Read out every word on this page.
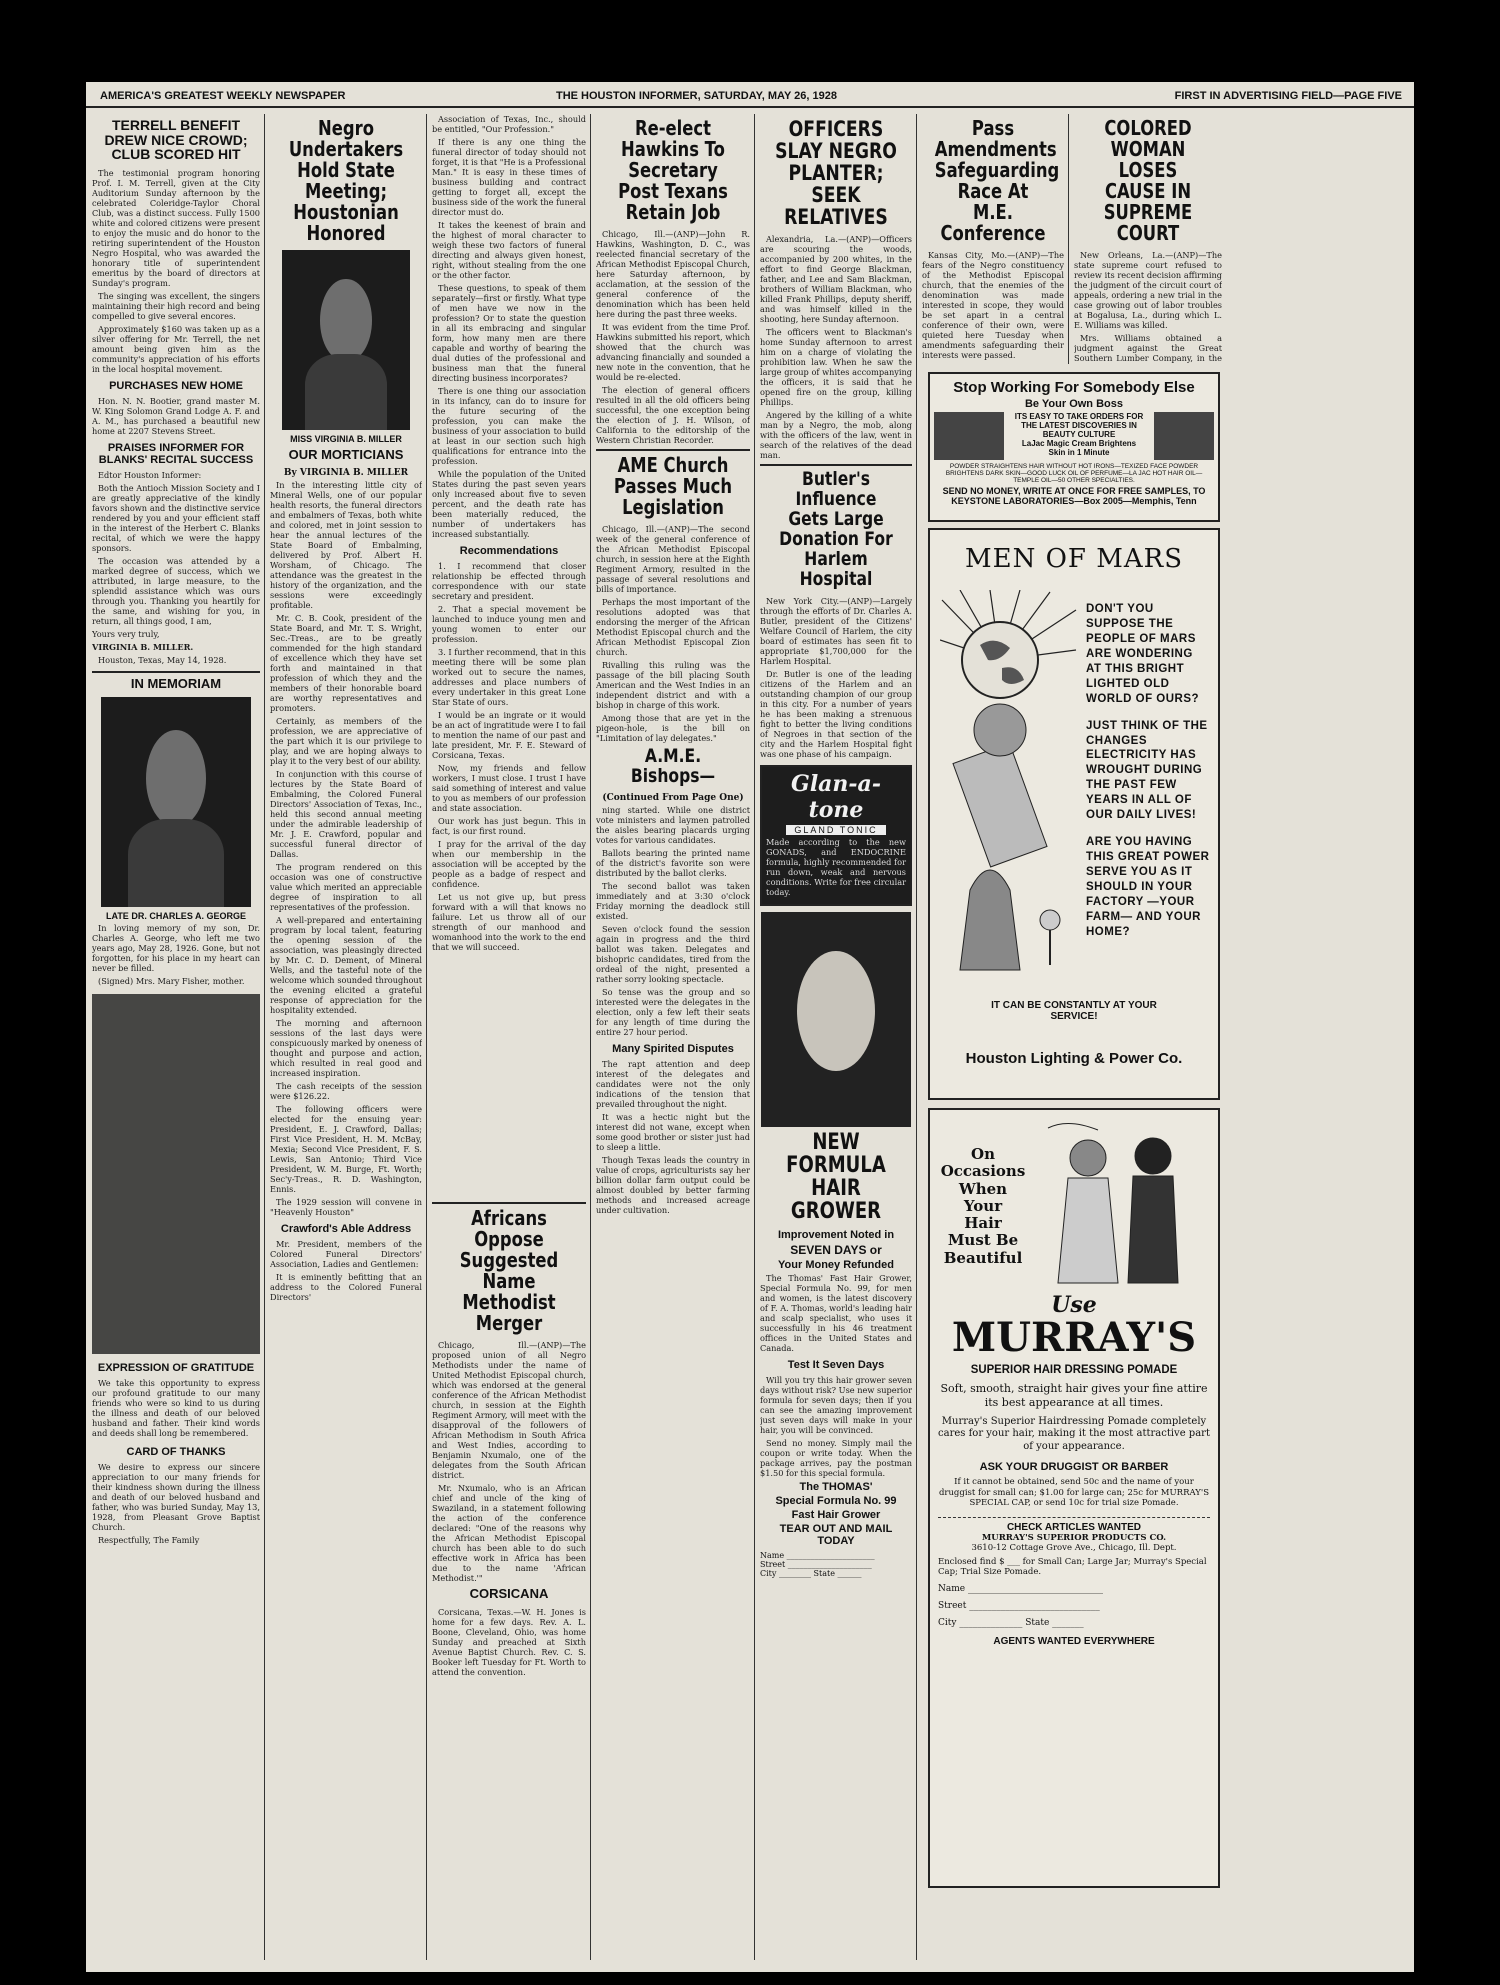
AMERICA'S GREATEST WEEKLY NEWSPAPER	THE HOUSTON INFORMER, SATURDAY, MAY 26, 1928	FIRST IN ADVERTISING FIELD—PAGE FIVE
TERRELL BENEFIT DREW NICE CROWD; CLUB SCORED HIT

The testimonial program honoring Prof. I. M. Terrell, given at the City Auditorium Sunday afternoon by the celebrated Coleridge-Taylor Choral Club, was a distinct success. Fully 1500 white and colored citizens were present to enjoy the music and do honor to the retiring superintendent of the Houston Negro Hospital, who was awarded the honorary title of superintendent emeritus by the board of directors at Sunday's program.

The singing was excellent, the singers maintaining their high record and being compelled to give several encores.

Approximately $160 was taken up as a silver offering for Mr. Terrell, the net amount being given him as the community's appreciation of his efforts in the local hospital movement.

PURCHASES NEW HOME

Hon. N. N. Bootier, grand master M. W. King Solomon Grand Lodge A. F. and A. M., has purchased a beautiful new home at 2207 Stevens Street.

PRAISES INFORMER FOR BLANKS' RECITAL SUCCESS

Edtor Houston Informer:

Both the Antioch Mission Society and I are greatly appreciative of the kindly favors shown and the distinctive service rendered by you and your efficient staff in the interest of the Herbert C. Blanks recital, of which we were the happy sponsors.

The occasion was attended by a marked degree of success, which we attributed, in large measure, to the splendid assistance which was ours through you. Thanking you heartily for the same, and wishing for you, in return, all things good, I am,

Yours very truly,

VIRGINIA B. MILLER.

Houston, Texas, May 14, 1928.

IN MEMORIAM
LATE DR. CHARLES A. GEORGE

In loving memory of my son, Dr. Charles A. George, who left me two years ago, May 28, 1926. Gone, but not forgotten, for his place in my heart can never be filled.

(Signed) Mrs. Mary Fisher, mother.

EXPRESSION OF GRATITUDE

We take this opportunity to express our profound gratitude to our many friends who were so kind to us during the illness and death of our beloved husband and father. Their kind words and deeds shall long be remembered.

CARD OF THANKS

We desire to express our sincere appreciation to our many friends for their kindness shown during the illness and death of our beloved husband and father, who was buried Sunday, May 13, 1928, from Pleasant Grove Baptist Church.

Respectfully, The Family

Negro Undertakers Hold State Meeting; Houstonian Honored
MISS VIRGINIA B. MILLER
OUR MORTICIANS
By VIRGINIA B. MILLER

In the interesting little city of Mineral Wells, one of our popular health resorts, the funeral directors and embalmers of Texas, both white and colored, met in joint session to hear the annual lectures of the State Board of Embalming, delivered by Prof. Albert H. Worsham, of Chicago. The attendance was the greatest in the history of the organization, and the sessions were exceedingly profitable.

Mr. C. B. Cook, president of the State Board, and Mr. T. S. Wright, Sec.-Treas., are to be greatly commended for the high standard of excellence which they have set forth and maintained in that profession of which they and the members of their honorable board are worthy representatives and promoters.

Certainly, as members of the profession, we are appreciative of the part which it is our privilege to play, and we are hoping always to play it to the very best of our ability.

In conjunction with this course of lectures by the State Board of Embalming, the Colored Funeral Directors' Association of Texas, Inc., held this second annual meeting under the admirable leadership of Mr. J. E. Crawford, popular and successful funeral director of Dallas.

The program rendered on this occasion was one of constructive value which merited an appreciable degree of inspiration to all representatives of the profession.

A well-prepared and entertaining program by local talent, featuring the opening session of the association, was pleasingly directed by Mr. C. D. Dement, of Mineral Wells, and the tasteful note of the welcome which sounded throughout the evening elicited a grateful response of appreciation for the hospitality extended.

The morning and afternoon sessions of the last days were conspicuously marked by oneness of thought and purpose and action, which resulted in real good and increased inspiration.

The cash receipts of the session were $126.22.

The following officers were elected for the ensuing year: President, E. J. Crawford, Dallas; First Vice President, H. M. McBay, Mexia; Second Vice President, F. S. Lewis, San Antonio; Third Vice President, W. M. Burge, Ft. Worth; Sec'y-Treas., R. D. Washington, Ennis.

The 1929 session will convene in "Heavenly Houston"

Crawford's Able Address

Mr. President, members of the Colored Funeral Directors' Association, Ladies and Gentlemen:

It is eminently befitting that an address to the Colored Funeral Directors'

Association of Texas, Inc., should be entitled, "Our Profession."

If there is any one thing the funeral director of today should not forget, it is that "He is a Professional Man." It is easy in these times of business building and contract getting to forget all, except the business side of the work the funeral director must do.

It takes the keenest of brain and the highest of moral character to weigh these two factors of funeral directing and always given honest, right, without stealing from the one or the other factor.

These questions, to speak of them separately—first or firstly. What type of men have we now in the profession? Or to state the question in all its embracing and singular form, how many men are there capable and worthy of bearing the dual duties of the professional and business man that the funeral directing business incorporates?

There is one thing our association in its infancy, can do to insure for the future securing of the profession, you can make the business of your association to build at least in our section such high qualifications for entrance into the profession.

While the population of the United States during the past seven years only increased about five to seven percent, and the death rate has been materially reduced, the number of undertakers has increased substantially.

Recommendations

1. I recommend that closer relationship be effected through correspondence with our state secretary and president.

2. That a special movement be launched to induce young men and young women to enter our profession.

3. I further recommend, that in this meeting there will be some plan worked out to secure the names, addresses and place numbers of every undertaker in this great Lone Star State of ours.

I would be an ingrate or it would be an act of ingratitude were I to fail to mention the name of our past and late president, Mr. F. E. Steward of Corsicana, Texas.

Now, my friends and fellow workers, I must close. I trust I have said something of interest and value to you as members of our profession and state association.

Our work has just begun. This in fact, is our first round.

I pray for the arrival of the day when our membership in the association will be accepted by the people as a badge of respect and confidence.

Let us not give up, but press forward with a will that knows no failure. Let us throw all of our strength of our manhood and womanhood into the work to the end that we will succeed.

Re-elect Hawkins To Secretary Post Texans Retain Job

Chicago, Ill.—(ANP)—John R. Hawkins, Washington, D. C., was reelected financial secretary of the African Methodist Episcopal Church, here Saturday afternoon, by acclamation, at the session of the general conference of the denomination which has been held here during the past three weeks.

It was evident from the time Prof. Hawkins submitted his report, which showed that the church was advancing financially and sounded a new note in the convention, that he would be re-elected.

The election of general officers resulted in all the old officers being successful, the one exception being the election of J. H. Wilson, of California to the editorship of the Western Christian Recorder.

AME Church Passes Much Legislation

Chicago, Ill.—(ANP)—The second week of the general conference of the African Methodist Episcopal church, in session here at the Eighth Regiment Armory, resulted in the passage of several resolutions and bills of importance.

Perhaps the most important of the resolutions adopted was that endorsing the merger of the African Methodist Episcopal church and the African Methodist Episcopal Zion church.

Rivalling this ruling was the passage of the bill placing South American and the West Indies in an independent district and with a bishop in charge of this work.

Among those that are yet in the pigeon-hole, is the bill on "Limitation of lay delegates."

A.M.E. Bishops—
(Continued From Page One)

ning started. While one district vote ministers and laymen patrolled the aisles bearing placards urging votes for various candidates.

Ballots bearing the printed name of the district's favorite son were distributed by the ballot clerks.

The second ballot was taken immediately and at 3:30 o'clock Friday morning the deadlock still existed.

Seven o'clock found the session again in progress and the third ballot was taken. Delegates and bishopric candidates, tired from the ordeal of the night, presented a rather sorry looking spectacle.

So tense was the group and so interested were the delegates in the election, only a few left their seats for any length of time during the entire 27 hour period.

Many Spirited Disputes

The rapt attention and deep interest of the delegates and candidates were not the only indications of the tension that prevailed throughout the night.

It was a hectic night but the interest did not wane, except when some good brother or sister just had to sleep a little.

Though Texas leads the country in value of crops, agriculturists say her billion dollar farm output could be almost doubled by better farming methods and increased acreage under cultivation.

Africans Oppose Suggested Name Methodist Merger

Chicago, Ill.—(ANP)—The proposed union of all Negro Methodists under the name of United Methodist Episcopal church, which was endorsed at the general conference of the African Methodist church, in session at the Eighth Regiment Armory, will meet with the disapproval of the followers of African Methodism in South Africa and West Indies, according to Benjamin Nxumalo, one of the delegates from the South African district.

Mr. Nxumalo, who is an African chief and uncle of the king of Swaziland, in a statement following the action of the conference declared: "One of the reasons why the African Methodist Episcopal church has been able to do such effective work in Africa has been due to the name 'African Methodist.'"

CORSICANA

Corsicana, Texas.—W. H. Jones is home for a few days. Rev. A. L. Boone, Cleveland, Ohio, was home Sunday and preached at Sixth Avenue Baptist Church. Rev. C. S. Booker left Tuesday for Ft. Worth to attend the convention.

OFFICERS SLAY NEGRO PLANTER; SEEK RELATIVES

Alexandria, La.—(ANP)—Officers are scouring the woods, accompanied by 200 whites, in the effort to find George Blackman, father, and Lee and Sam Blackman, brothers of William Blackman, who killed Frank Phillips, deputy sheriff, and was himself killed in the shooting, here Sunday afternoon.

The officers went to Blackman's home Sunday afternoon to arrest him on a charge of violating the prohibition law. When he saw the large group of whites accompanying the officers, it is said that he opened fire on the group, killing Phillips.

Angered by the killing of a white man by a Negro, the mob, along with the officers of the law, went in search of the relatives of the dead man.

Butler's Influence Gets Large Donation For Harlem Hospital

New York City.—(ANP)—Largely through the efforts of Dr. Charles A. Butler, president of the Citizens' Welfare Council of Harlem, the city board of estimates has seen fit to appropriate $1,700,000 for the Harlem Hospital.

Dr. Butler is one of the leading citizens of the Harlem and an outstanding champion of our group in this city. For a number of years he has been making a strenuous fight to better the living conditions of Negroes in that section of the city and the Harlem Hospital fight was one phase of his campaign.

Glan-a-tone
GLAND TONIC

Made according to the new GONADS, and ENDOCRINE formula, highly recommended for run down, weak and nervous conditions. Write for free circular today.

NEW FORMULA HAIR GROWER
Improvement Noted in
SEVEN DAYS or
Your Money Refunded

The Thomas' Fast Hair Grower, Special Formula No. 99, for men and women, is the latest discovery of F. A. Thomas, world's leading hair and scalp specialist, who uses it successfully in his 46 treatment offices in the United States and Canada.

Test It Seven Days

Will you try this hair grower seven days without risk? Use new superior formula for seven days; then if you can see the amazing improvement just seven days will make in your hair, you will be convinced.

Send no money. Simply mail the coupon or write today. When the package arrives, pay the postman $1.50 for this special formula.

The THOMAS'
Special Formula No. 99
Fast Hair Grower
TEAR OUT AND MAIL TODAY
Name ______________________
Street _____________________
City ________ State ______
Pass Amendments Safeguarding Race At M.E. Conference

Kansas City, Mo.—(ANP)—The fears of the Negro constituency of the Methodist Episcopal church, that the enemies of the denomination was made interested in scope, they would be set apart in a central conference of their own, were quieted here Tuesday when amendments safeguarding their interests were passed.

COLORED WOMAN LOSES CAUSE IN SUPREME COURT

New Orleans, La.—(ANP)—The state supreme court refused to review its recent decision affirming the judgment of the circuit court of appeals, ordering a new trial in the case growing out of labor troubles at Bogalusa, La., during which L. E. Williams was killed.

Mrs. Williams obtained a judgment against the Great Southern Lumber Company, in the

Stop Working For Somebody Else
Be Your Own Boss
ITS EASY TO TAKE ORDERS FOR
THE LATEST DISCOVERIES IN
BEAUTY CULTURE
LaJac Magic Cream Brightens
Skin in 1 Minute
POWDER STRAIGHTENS HAIR WITHOUT HOT IRONS—TEXIZED FACE POWDER BRIGHTENS DARK SKIN—GOOD LUCK OIL OF PERFUME—LA JAC HOT HAIR OIL—TEMPLE OIL—50 OTHER SPECIALTIES.
SEND NO MONEY, WRITE AT ONCE FOR FREE SAMPLES, TO
KEYSTONE LABORATORIES—Box 2005—Memphis, Tenn
MEN OF MARS
DON'T YOU SUPPOSE THE PEOPLE OF MARS ARE WONDERING AT THIS BRIGHT LIGHTED OLD WORLD OF OURS?
JUST THINK OF THE CHANGES ELECTRICITY HAS WROUGHT DURING THE PAST FEW YEARS IN ALL OF OUR DAILY LIVES!
ARE YOU HAVING THIS GREAT POWER SERVE YOU AS IT SHOULD IN YOUR FACTORY —YOUR FARM— AND YOUR HOME?
IT CAN BE CONSTANTLY AT YOUR SERVICE!
Houston Lighting & Power Co.
On Occasions
When
Your
Hair
Must Be
Beautiful
Use
MURRAY'S
SUPERIOR HAIR DRESSING POMADE
Soft, smooth, straight hair gives your fine attire its best appearance at all times.
Murray's Superior Hairdressing Pomade completely cares for your hair, making it the most attractive part of your appearance.
ASK YOUR DRUGGIST OR BARBER
If it cannot be obtained, send 50c and the name of your druggist for small can; $1.00 for large can; 25c for MURRAY'S SPECIAL CAP, or send 10c for trial size Pomade.
CHECK ARTICLES WANTED
MURRAY'S SUPERIOR PRODUCTS CO.
3610-12 Cottage Grove Ave., Chicago, Ill. Dept.
Enclosed find $ ___ for Small Can; Large Jar; Murray's Special Cap; Trial Size Pomade.
Name ______________________________
Street _____________________________
City ______________ State _______
AGENTS WANTED EVERYWHERE
